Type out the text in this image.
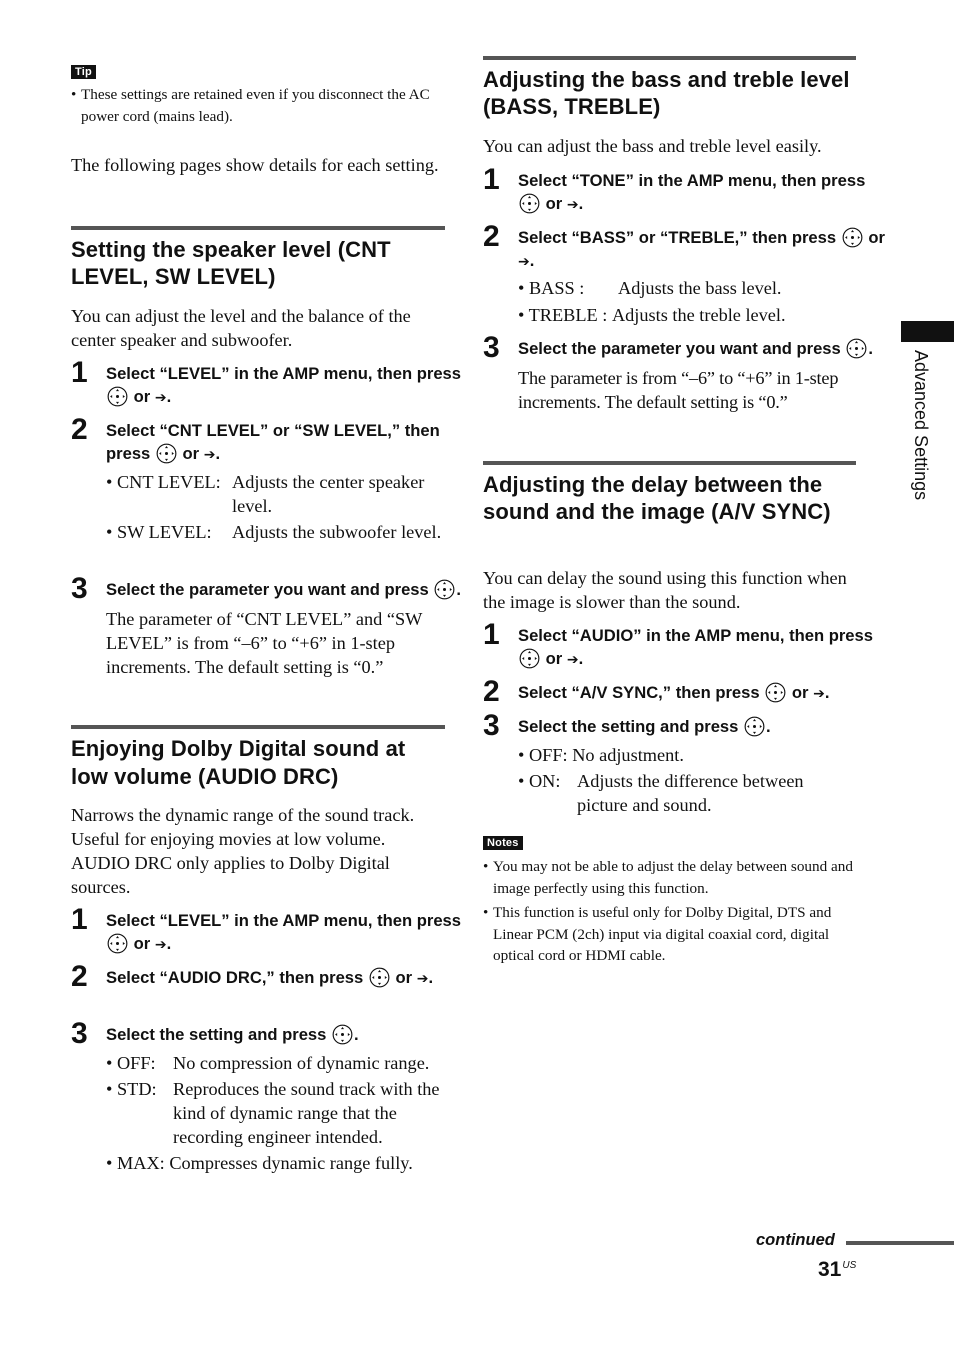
Tip
• These settings are retained even if you disconnect the AC power cord (mains lead).

The following pages show details for each setting.

Setting the speaker level (CNT LEVEL, SW LEVEL)

You can adjust the level and the balance of the center speaker and subwoofer.

1 Select “LEVEL” in the AMP menu, then press  or ➔.

2 Select “CNT LEVEL” or “SW LEVEL,” then press or ➔.

• CNT LEVEL: Adjusts the center speaker level.
• SW LEVEL:	Adjusts the subwoofer level.
3 Select the parameter you want and press .

The parameter of “CNT LEVEL” and “SW LEVEL” is from “–6” to “+6” in 1-step increments. The default setting is “0.”

Enjoying Dolby Digital sound at low volume (AUDIO DRC)

Narrows the dynamic range of the sound track. Useful for enjoying movies at low volume. AUDIO DRC only applies to Dolby Digital sources.

1 Select “LEVEL” in the AMP menu, then press  or ➔.

2 Select “AUDIO DRC,” then press or ➔.

3 Select the setting and press .

• OFF: No compression of dynamic range.
• STD: Reproduces the sound track with the kind of dynamic range that the recording engineer intended.
• MAX: Compresses dynamic range fully.
Adjusting the bass and treble level (BASS, TREBLE)

You can adjust the bass and treble level easily.

1 Select “TONE” in the AMP menu, then press  or ➔.

2 Select “BASS” or “TREBLE,” then press or ➔.

• BASS :	Adjusts the bass level.
• TREBLE : Adjusts the treble level.
3 Select the parameter you want and press .

The parameter is from “–6” to “+6” in 1-step increments. The default setting is “0.”

Adjusting the delay between the sound and the image (A/V SYNC)

You can delay the sound using this function when the image is slower than the sound.

1 Select “AUDIO” in the AMP menu, then press  or ➔.

2 Select “A/V SYNC,” then press or ➔.

3 Select the setting and press .

• OFF: No adjustment.
• ON: Adjusts the difference between picture and sound.
Notes
• You may not be able to adjust the delay between sound and image perfectly using this function.
• This function is useful only for Dolby Digital, DTS and Linear PCM (2ch) input via digital coaxial cord, digital optical cord or HDMI cable.
Advanced Settings
continued
$31^{US}$
